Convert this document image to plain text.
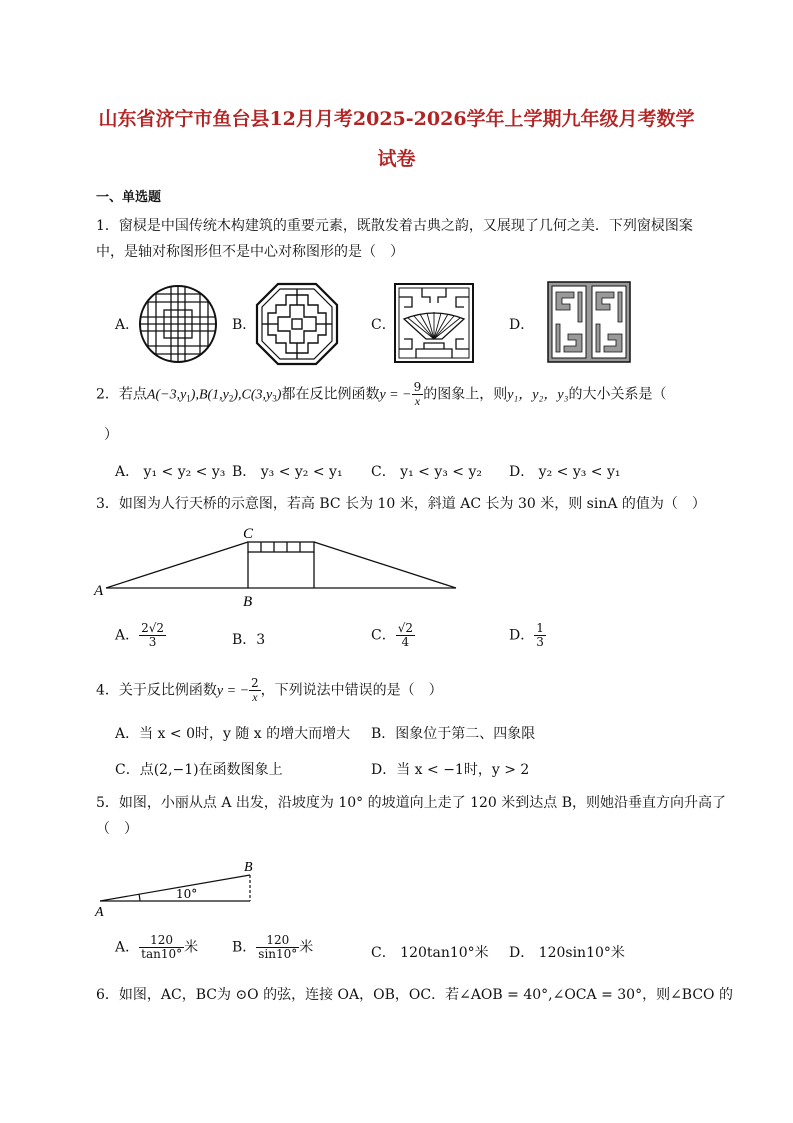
山东省济宁市鱼台县12月月考2025-2026学年上学期九年级月考数学
试卷
一、单选题
1．窗棂是中国传统木构建筑的重要元素，既散发着古典之韵，又展现了几何之美．下列窗棂图案
中，是轴对称图形但不是中心对称图形的是（　）
A．	B．	C．	D．
2．若点$A(-3,y_1),B(1,y_2),C(3,y_3)$都在反比例函数y = − $\frac{9}{x}$ 的图象上，则y₁，y₂，y₃的大小关系是（
）
A． y₁ < y₂ < y₃ B． y₃ < y₂ < y₁ C． y₁ < y₃ < y₂ D． y₂ < y₃ < y₁
3．如图为人行天桥的示意图，若高 BC 长为 10 米，斜道 AC 长为 30 米，则 sinA 的值为（　）
A
C
B
A． $\frac{2√2}{3}$	B．3	C． $\frac{√2}{4}$	D． $\frac{1}{3}$
4．关于反比例函数y = − $\frac{2}{x}$ ，下列说法中错误的是（　）
A．当 x < 0时，y 随 x 的增大而增大 B．图象位于第二、四象限
C．点(2,−1)在函数图象上	D．当 x < −1时，y > 2
5．如图，小丽从点 A 出发，沿坡度为 10° 的坡道向上走了 120 米到达点 B，则她沿垂直方向升高了
（　）
A
B
10°
A． $\frac{120}{\tan 10^\circ}$ 米 B． $\frac{120}{\sin 10^\circ}$ 米	C． 120tan10°米 D． 120sin10°米
6．如图，AC，BC为 ⊙O 的弦，连接 OA，OB，OC．若∠AOB = 40°,∠OCA = 30°，则∠BCO 的
